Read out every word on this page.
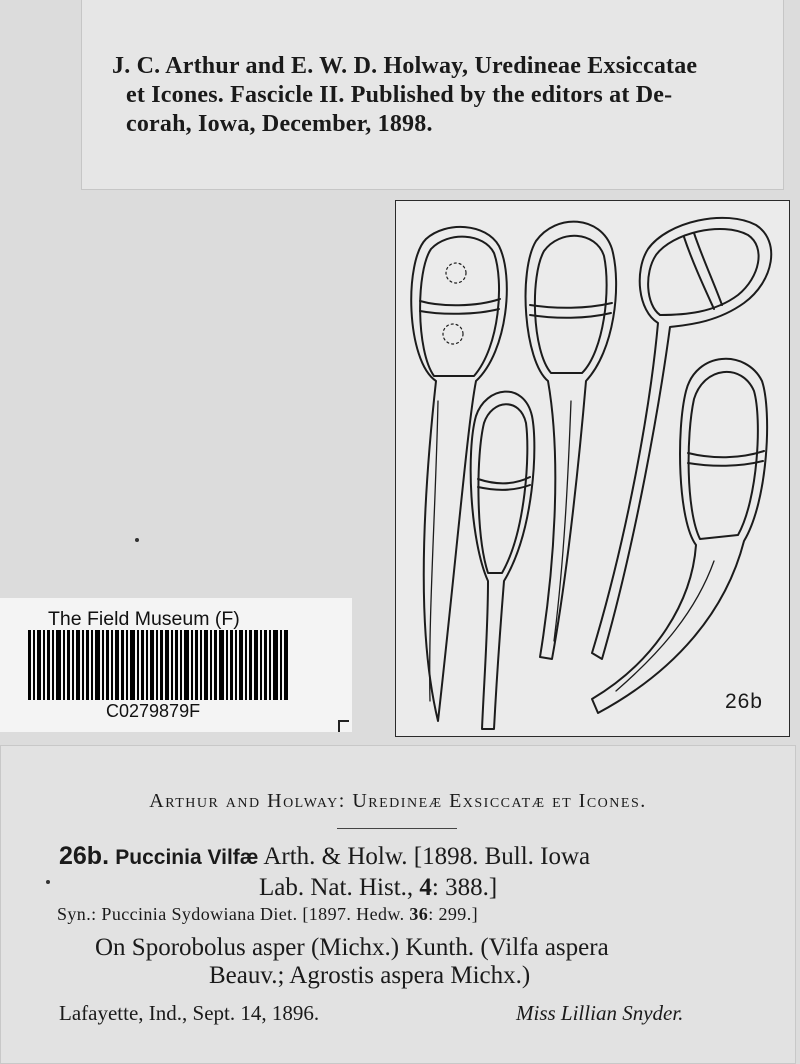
J. C. Arthur and E. W. D. Holway, Uredineae Exsiccatae
et Icones. Fascicle II. Published by the editors at De-
corah, Iowa, December, 1898.
26b
The Field Museum (F)
C0279879F
Arthur and Holway: Uredineæ Exsiccatæ et Icones.
26b. Puccinia Vilfæ Arth. & Holw. [1898. Bull. Iowa
Lab. Nat. Hist., 4: 388.]
Syn.: Puccinia Sydowiana Diet. [1897. Hedw. 36: 299.]
On Sporobolus asper (Michx.) Kunth. (Vilfa aspera
Beauv.; Agrostis aspera Michx.)
Lafayette, Ind., Sept. 14, 1896.	Miss Lillian Snyder.
